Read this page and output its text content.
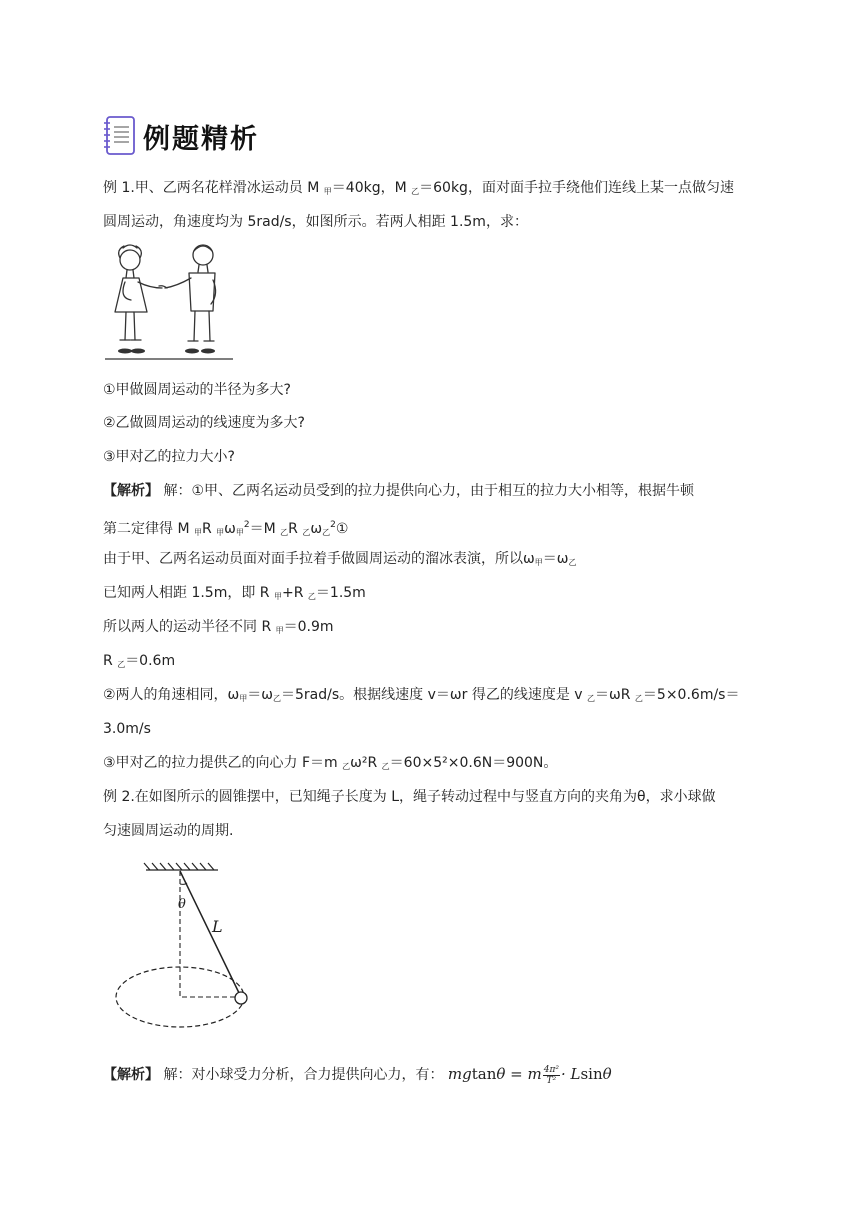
例题精析
例 1.甲、乙两名花样滑冰运动员 M $_甲$＝40kg，M $_乙$＝60kg，面对面手拉手绕他们连线上某一点做匀速
圆周运动，角速度均为 5rad/s，如图所示。若两人相距 1.5m，求：
①甲做圆周运动的半径为多大?
②乙做圆周运动的线速度为多大?
③甲对乙的拉力大小?
【解析】 解：①甲、乙两名运动员受到的拉力提供向心力，由于相互的拉力大小相等，根据牛顿
第二定律得 M $_甲$R $_甲\omega_甲^2=M$ $_乙$R $_乙\omega_乙^2①$
由于甲、乙两名运动员面对面手拉着手做圆周运动的溜冰表演，所以$\omega_甲=\omega_乙$
已知两人相距 1.5m，即 R $_甲$+R $_乙$＝1.5m
所以两人的运动半径不同 R $_甲$＝0.9m
R $_乙$＝0.6m
②两人的角速相同，$\omega_甲=\omega_乙=5rad/s$。根据线速度 v＝ωr 得乙的线速度是 v $_乙$＝ωR $_乙$＝5×0.6m/s＝
3.0m/s
③甲对乙的拉力提供乙的向心力 F＝m $_乙$ω²R $_乙$＝60×5²×0.6N＝900N。
例 2.在如图所示的圆锥摆中，已知绳子长度为 L，绳子转动过程中与竖直方向的夹角为θ，求小球做
匀速圆周运动的周期.
θ
L
【解析】 解：对小球受力分析，合力提供向心力，有： mgtanθ = m $\frac{\text{4π²}}{\text{T²}} \cdot Lsin\theta$
